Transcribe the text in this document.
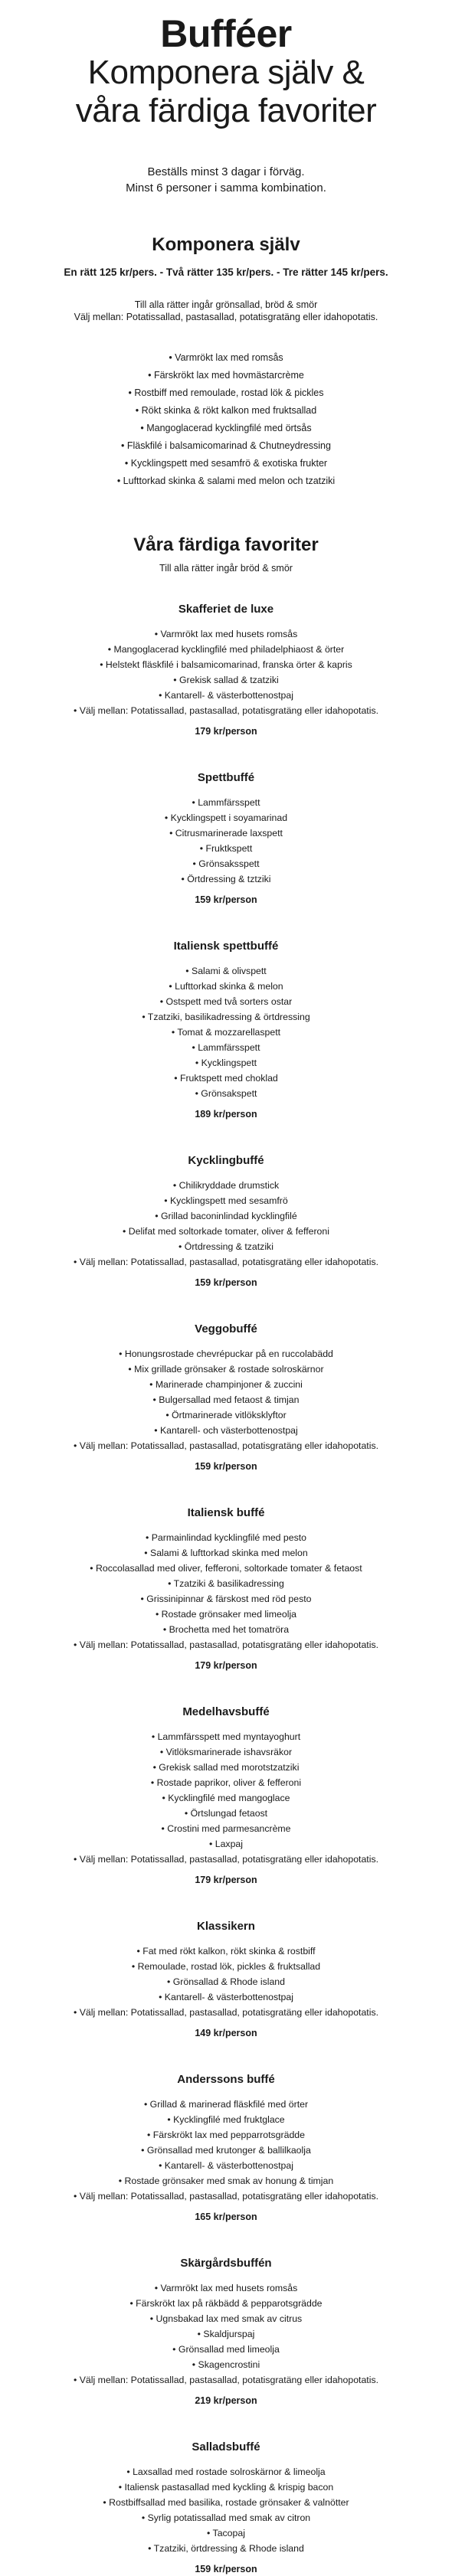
Bufféer

Komponera själv &

våra färdiga favoriter

Beställs minst 3 dagar i förväg.
Minst 6 personer i samma kombination.
Komponera själv
En rätt 125 kr/pers. - Två rätter 135 kr/pers. - Tre rätter 145 kr/pers.
Till alla rätter ingår grönsallad, bröd & smör
Välj mellan: Potatissallad, pastasallad, potatisgratäng eller idahopotatis.
• Varmrökt lax med romsås
• Färskrökt lax med hovmästarcrème
• Rostbiff med remoulade, rostad lök & pickles
• Rökt skinka & rökt kalkon med fruktsallad
• Mangoglacerad kycklingfilé med örtsås
• Fläskfilé i balsamicomarinad & Chutneydressing
• Kycklingspett med sesamfrö & exotiska frukter
• Lufttorkad skinka & salami med melon och tzatziki
Våra färdiga favoriter
Till alla rätter ingår bröd & smör
Skafferiet de luxe
• Varmrökt lax med husets romsås
• Mangoglacerad kycklingfilé med philadelphiaost & örter
• Helstekt fläskfilé i balsamicomarinad, franska örter & kapris
• Grekisk sallad & tzatziki
• Kantarell- & västerbottenostpaj
• Välj mellan: Potatissallad, pastasallad, potatisgratäng eller idahopotatis.
179 kr/person
Spettbuffé
• Lammfärsspett
• Kycklingspett i soyamarinad
• Citrusmarinerade laxspett
• Fruktkspett
• Grönsaksspett
• Örtdressing & tztziki
159 kr/person
Italiensk spettbuffé
• Salami & olivspett
• Lufttorkad skinka & melon
• Ostspett med två sorters ostar
• Tzatziki, basilikadressing & örtdressing
• Tomat & mozzarellaspett
• Lammfärsspett
• Kycklingspett
• Fruktspett med choklad
• Grönsakspett
189 kr/person
Kycklingbuffé
• Chilikryddade drumstick
• Kycklingspett med sesamfrö
• Grillad baconinlindad kycklingfilé
• Delifat med soltorkade tomater, oliver & fefferoni
• Örtdressing & tzatziki
• Välj mellan: Potatissallad, pastasallad, potatisgratäng eller idahopotatis.
159 kr/person
Veggobuffé
• Honungsrostade chevrépuckar på en ruccolabädd
• Mix grillade grönsaker & rostade solroskärnor
• Marinerade champinjoner & zuccini
• Bulgersallad med fetaost & timjan
• Örtmarinerade vitlöksklyftor
• Kantarell- och västerbottenostpaj
• Välj mellan: Potatissallad, pastasallad, potatisgratäng eller idahopotatis.
159 kr/person
Italiensk buffé
• Parmainlindad kycklingfilé med pesto
• Salami & lufttorkad skinka med melon
• Roccolasallad med oliver, fefferoni, soltorkade tomater & fetaost
• Tzatziki & basilikadressing
• Grissinipinnar & färskost med röd pesto
• Rostade grönsaker med limeolja
• Brochetta med het tomatröra
• Välj mellan: Potatissallad, pastasallad, potatisgratäng eller idahopotatis.
179 kr/person
Medelhavsbuffé
• Lammfärsspett med myntayoghurt
• Vitlöksmarinerade ishavsräkor
• Grekisk sallad med morotstzatziki
• Rostade paprikor, oliver & fefferoni
• Kycklingfilé med mangoglace
• Örtslungad fetaost
• Crostini med parmesancrème
• Laxpaj
• Välj mellan: Potatissallad, pastasallad, potatisgratäng eller idahopotatis.
179 kr/person
Klassikern
• Fat med rökt kalkon, rökt skinka & rostbiff
• Remoulade, rostad lök, pickles & fruktsallad
• Grönsallad & Rhode island
• Kantarell- & västerbottenostpaj
• Välj mellan: Potatissallad, pastasallad, potatisgratäng eller idahopotatis.
149 kr/person
Anderssons buffé
• Grillad & marinerad fläskfilé med örter
• Kycklingfilé med fruktglace
• Färskrökt lax med pepparrotsgrädde
• Grönsallad med krutonger & ballilkaolja
• Kantarell- & västerbottenostpaj
• Rostade grönsaker med smak av honung & timjan
• Välj mellan: Potatissallad, pastasallad, potatisgratäng eller idahopotatis.
165 kr/person
Skärgårdsbuffén
• Varmrökt lax med husets romsås
• Färskrökt lax på räkbädd & pepparotsgrädde
• Ugnsbakad lax med smak av citrus
• Skaldjurspaj
• Grönsallad med limeolja
• Skagencrostini
• Välj mellan: Potatissallad, pastasallad, potatisgratäng eller idahopotatis.
219 kr/person
Salladsbuffé
• Laxsallad med rostade solroskärnor & limeolja
• Italiensk pastasallad med kyckling & krispig bacon
• Rostbiffsallad med basilika, rostade grönsaker & valnötter
• Syrlig potatissallad med smak av citron
• Tacopaj
• Tzatziki, örtdressing & Rhode island
159 kr/person
